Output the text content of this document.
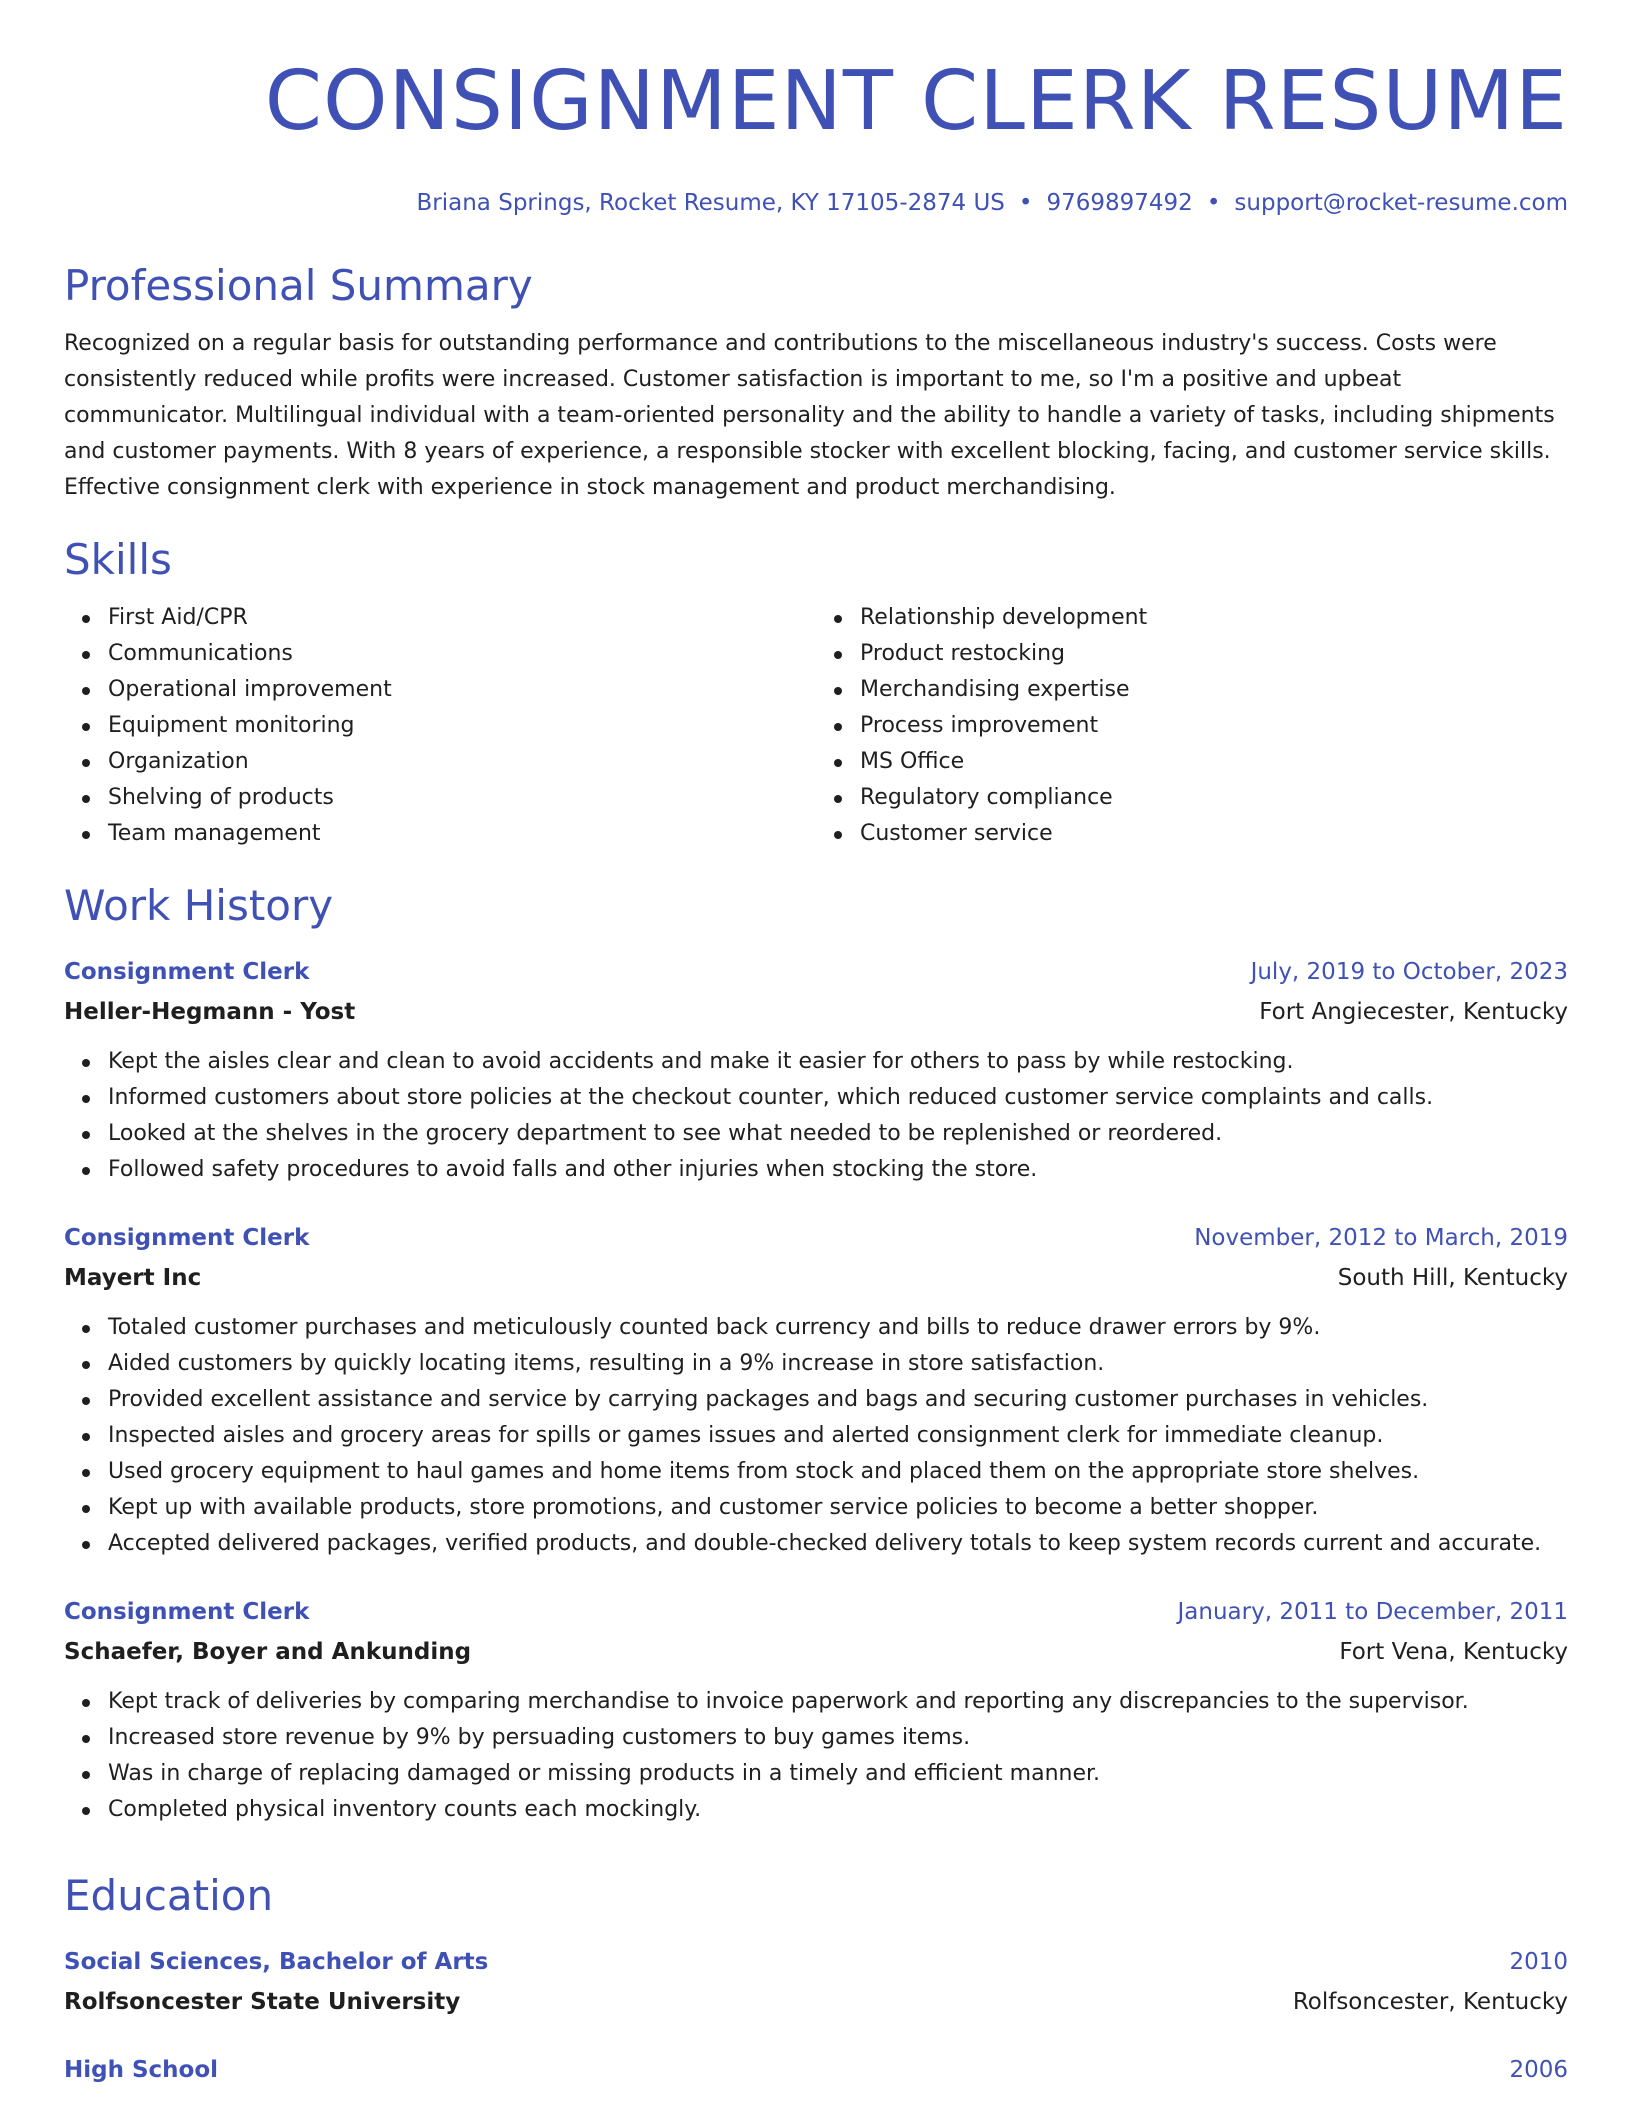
CONSIGNMENT CLERK RESUME
Briana Springs, Rocket Resume, KY 17105-2874 US • 9769897492 • support@rocket-resume.com
Professional Summary
Recognized on a regular basis for outstanding performance and contributions to the miscellaneous industry's success. Costs were consistently reduced while profits were increased. Customer satisfaction is important to me, so I'm a positive and upbeat communicator. Multilingual individual with a team-oriented personality and the ability to handle a variety of tasks, including shipments and customer payments. With 8 years of experience, a responsible stocker with excellent blocking, facing, and customer service skills. Effective consignment clerk with experience in stock management and product merchandising.
Skills
First Aid/CPR
Communications
Operational improvement
Equipment monitoring
Organization
Shelving of products
Team management
Relationship development
Product restocking
Merchandising expertise
Process improvement
MS Office
Regulatory compliance
Customer service
Work History
Consignment Clerk	July, 2019 to October, 2023
Heller-Hegmann - Yost	Fort Angiecester, Kentucky
Kept the aisles clear and clean to avoid accidents and make it easier for others to pass by while restocking.
Informed customers about store policies at the checkout counter, which reduced customer service complaints and calls.
Looked at the shelves in the grocery department to see what needed to be replenished or reordered.
Followed safety procedures to avoid falls and other injuries when stocking the store.
Consignment Clerk	November, 2012 to March, 2019
Mayert Inc	South Hill, Kentucky
Totaled customer purchases and meticulously counted back currency and bills to reduce drawer errors by 9%.
Aided customers by quickly locating items, resulting in a 9% increase in store satisfaction.
Provided excellent assistance and service by carrying packages and bags and securing customer purchases in vehicles.
Inspected aisles and grocery areas for spills or games issues and alerted consignment clerk for immediate cleanup.
Used grocery equipment to haul games and home items from stock and placed them on the appropriate store shelves.
Kept up with available products, store promotions, and customer service policies to become a better shopper.
Accepted delivered packages, verified products, and double-checked delivery totals to keep system records current and accurate.
Consignment Clerk	January, 2011 to December, 2011
Schaefer, Boyer and Ankunding	Fort Vena, Kentucky
Kept track of deliveries by comparing merchandise to invoice paperwork and reporting any discrepancies to the supervisor.
Increased store revenue by 9% by persuading customers to buy games items.
Was in charge of replacing damaged or missing products in a timely and efficient manner.
Completed physical inventory counts each mockingly.
Education
Social Sciences, Bachelor of Arts	2010
Rolfsoncester State University	Rolfsoncester, Kentucky
High School	2006
